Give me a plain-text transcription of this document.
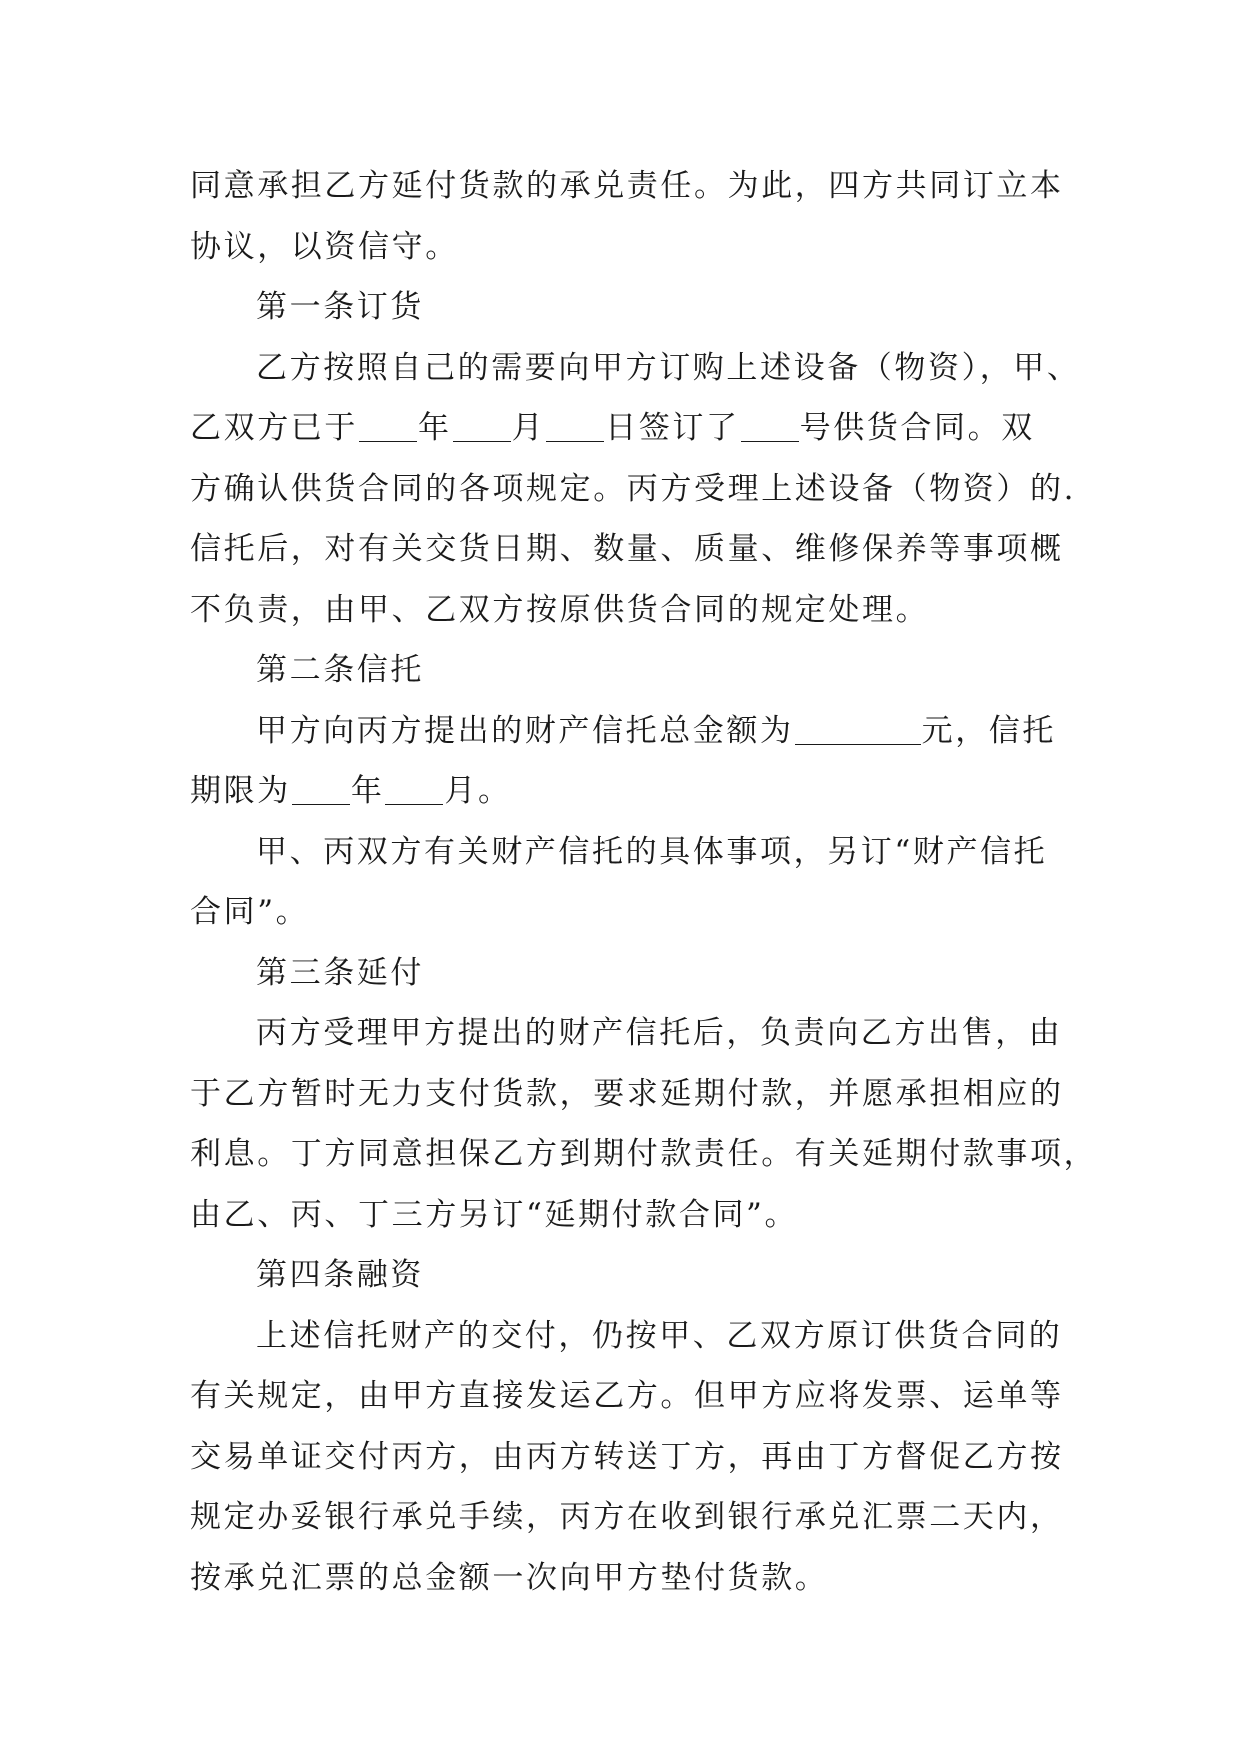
同意承担乙方延付货款的承兑责任。为此，四方共同订立本
协议，以资信守。
第一条订货
乙方按照自己的需要向甲方订购上述设备（物资），甲、
乙双方已于 年 月 日签订了 号供货合同。双
方确认供货合同的各项规定。丙方受理上述设备（物资）的.
信托后，对有关交货日期、数量、质量、维修保养等事项概
不负责，由甲、乙双方按原供货合同的规定处理。
第二条信托
甲方向丙方提出的财产信托总金额为	元，信托
期限为 年 月。
甲、丙双方有关财产信托的具体事项，另订“财产信托
合同”。
第三条延付
丙方受理甲方提出的财产信托后，负责向乙方出售，由
于乙方暂时无力支付货款，要求延期付款，并愿承担相应的
利息。丁方同意担保乙方到期付款责任。有关延期付款事项，
由乙、丙、丁三方另订“延期付款合同”。
第四条融资
上述信托财产的交付，仍按甲、乙双方原订供货合同的
有关规定，由甲方直接发运乙方。但甲方应将发票、运单等
交易单证交付丙方，由丙方转送丁方，再由丁方督促乙方按
规定办妥银行承兑手续，丙方在收到银行承兑汇票二天内，
按承兑汇票的总金额一次向甲方垫付货款。
